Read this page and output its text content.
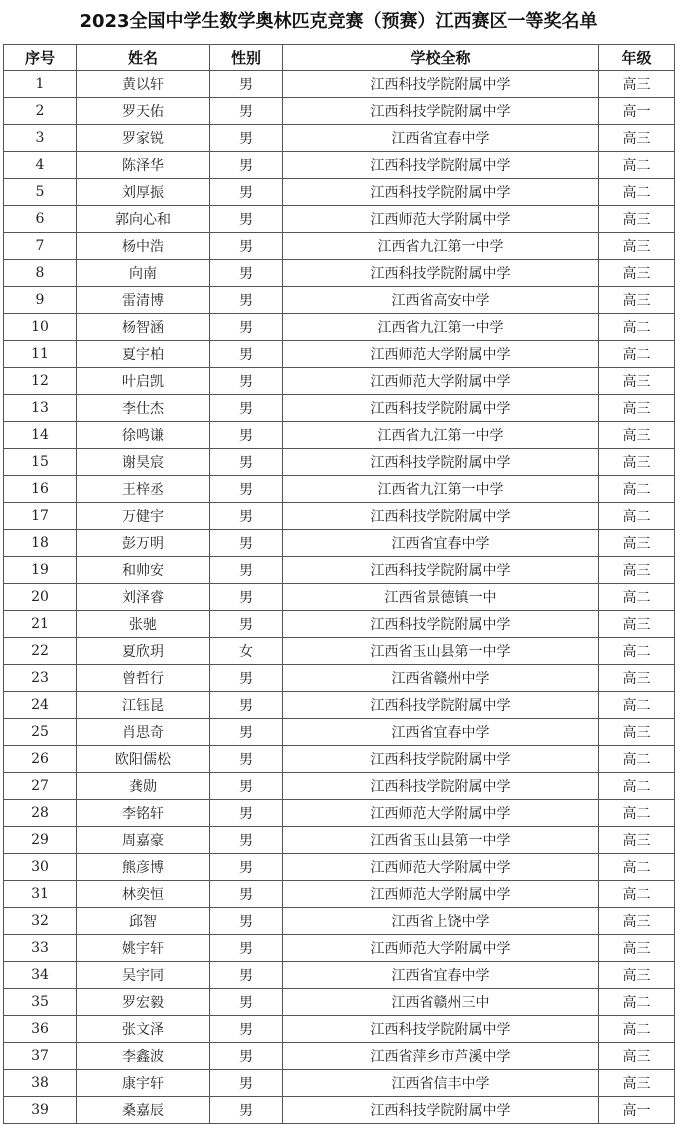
2023全国中学生数学奥林匹克竞赛（预赛）江西赛区一等奖名单
序号	姓名	性别	学校全称	年级
1	黄以轩	男	江西科技学院附属中学	高三
2	罗天佑	男	江西科技学院附属中学	高一
3	罗家锐	男	江西省宜春中学	高三
4	陈泽华	男	江西科技学院附属中学	高二
5	刘厚振	男	江西科技学院附属中学	高二
6	郭向心和	男	江西师范大学附属中学	高三
7	杨中浩	男	江西省九江第一中学	高三
8	向南	男	江西科技学院附属中学	高三
9	雷清博	男	江西省高安中学	高三
10	杨智涵	男	江西省九江第一中学	高二
11	夏宇柏	男	江西师范大学附属中学	高二
12	叶启凯	男	江西师范大学附属中学	高三
13	李仕杰	男	江西科技学院附属中学	高三
14	徐鸣谦	男	江西省九江第一中学	高三
15	谢昊宸	男	江西科技学院附属中学	高三
16	王梓丞	男	江西省九江第一中学	高二
17	万健宇	男	江西科技学院附属中学	高二
18	彭万明	男	江西省宜春中学	高三
19	和帅安	男	江西科技学院附属中学	高三
20	刘泽睿	男	江西省景德镇一中	高二
21	张驰	男	江西科技学院附属中学	高三
22	夏欣玥	女	江西省玉山县第一中学	高二
23	曾哲行	男	江西省赣州中学	高三
24	江钰昆	男	江西科技学院附属中学	高二
25	肖思奇	男	江西省宜春中学	高三
26	欧阳儒松	男	江西科技学院附属中学	高二
27	龚勋	男	江西科技学院附属中学	高二
28	李铭轩	男	江西师范大学附属中学	高二
29	周嘉豪	男	江西省玉山县第一中学	高三
30	熊彦博	男	江西师范大学附属中学	高二
31	林奕恒	男	江西师范大学附属中学	高二
32	邱智	男	江西省上饶中学	高三
33	姚宇轩	男	江西师范大学附属中学	高三
34	吴宇同	男	江西省宜春中学	高三
35	罗宏毅	男	江西省赣州三中	高二
36	张文泽	男	江西科技学院附属中学	高二
37	李鑫波	男	江西省萍乡市芦溪中学	高三
38	康宇轩	男	江西省信丰中学	高三
39	桑嘉辰	男	江西科技学院附属中学	高一
